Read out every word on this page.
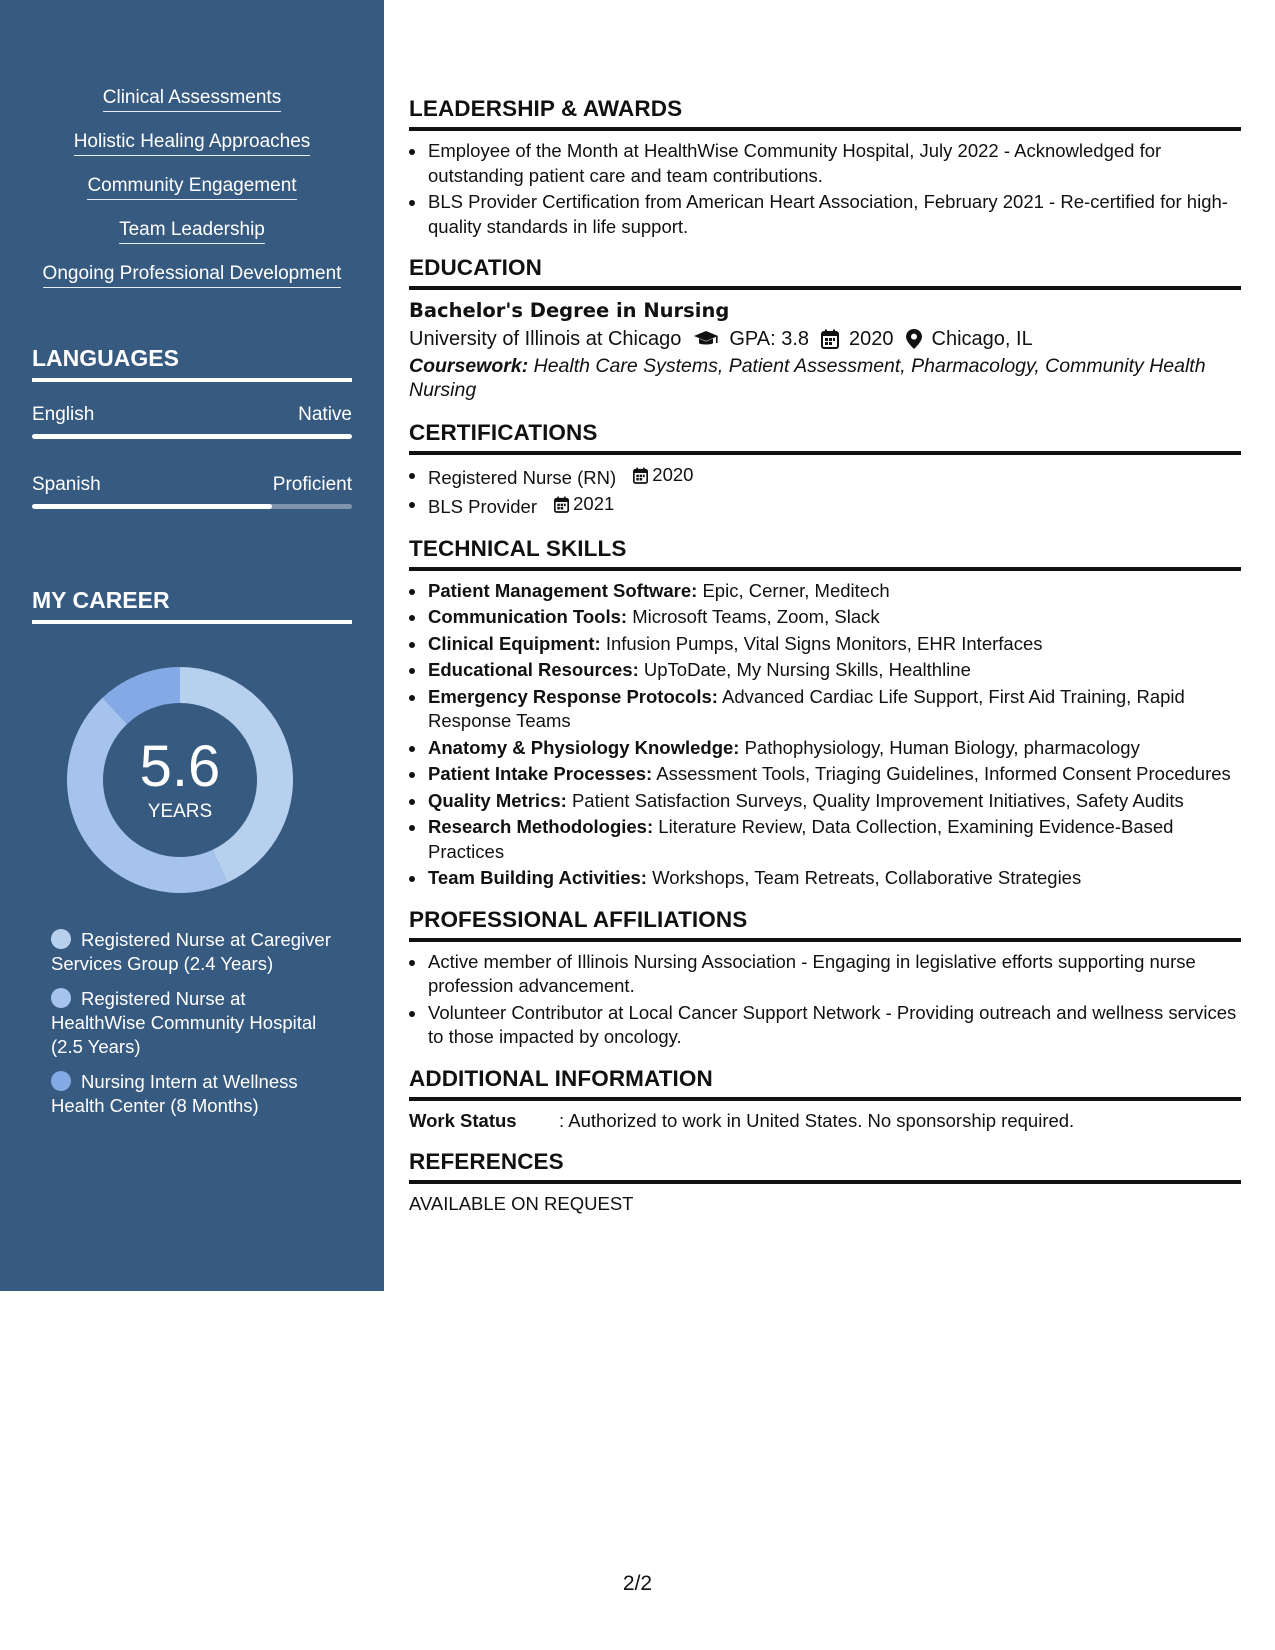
Clinical Assessments
Holistic Healing Approaches
Community Engagement
Team Leadership
Ongoing Professional Development
LANGUAGES
English	Native
Spanish	Proficient
MY CAREER
5.6
YEARS
Registered Nurse at Caregiver Services Group (2.4 Years)
Registered Nurse at HealthWise Community Hospital (2.5 Years)
Nursing Intern at Wellness Health Center (8 Months)
LEADERSHIP & AWARDS
Employee of the Month at HealthWise Community Hospital, July 2022 - Acknowledged for outstanding patient care and team contributions.
BLS Provider Certification from American Heart Association, February 2021 - Re-certified for high-quality standards in life support.
EDUCATION
Bachelor's Degree in Nursing
University of Illinois at Chicago GPA: 3.8 2020 Chicago, IL
Coursework: Health Care Systems, Patient Assessment, Pharmacology, Community Health Nursing
CERTIFICATIONS
Registered Nurse (RN) 2020
BLS Provider 2021
TECHNICAL SKILLS
Patient Management Software: Epic, Cerner, Meditech
Communication Tools: Microsoft Teams, Zoom, Slack
Clinical Equipment: Infusion Pumps, Vital Signs Monitors, EHR Interfaces
Educational Resources: UpToDate, My Nursing Skills, Healthline
Emergency Response Protocols: Advanced Cardiac Life Support, First Aid Training, Rapid Response Teams
Anatomy & Physiology Knowledge: Pathophysiology, Human Biology, pharmacology
Patient Intake Processes: Assessment Tools, Triaging Guidelines, Informed Consent Procedures
Quality Metrics: Patient Satisfaction Surveys, Quality Improvement Initiatives, Safety Audits
Research Methodologies: Literature Review, Data Collection, Examining Evidence-Based Practices
Team Building Activities: Workshops, Team Retreats, Collaborative Strategies
PROFESSIONAL AFFILIATIONS
Active member of Illinois Nursing Association - Engaging in legislative efforts supporting nurse profession advancement.
Volunteer Contributor at Local Cancer Support Network - Providing outreach and wellness services to those impacted by oncology.
ADDITIONAL INFORMATION
Work Status	: Authorized to work in United States. No sponsorship required.
REFERENCES
AVAILABLE ON REQUEST
2/2
